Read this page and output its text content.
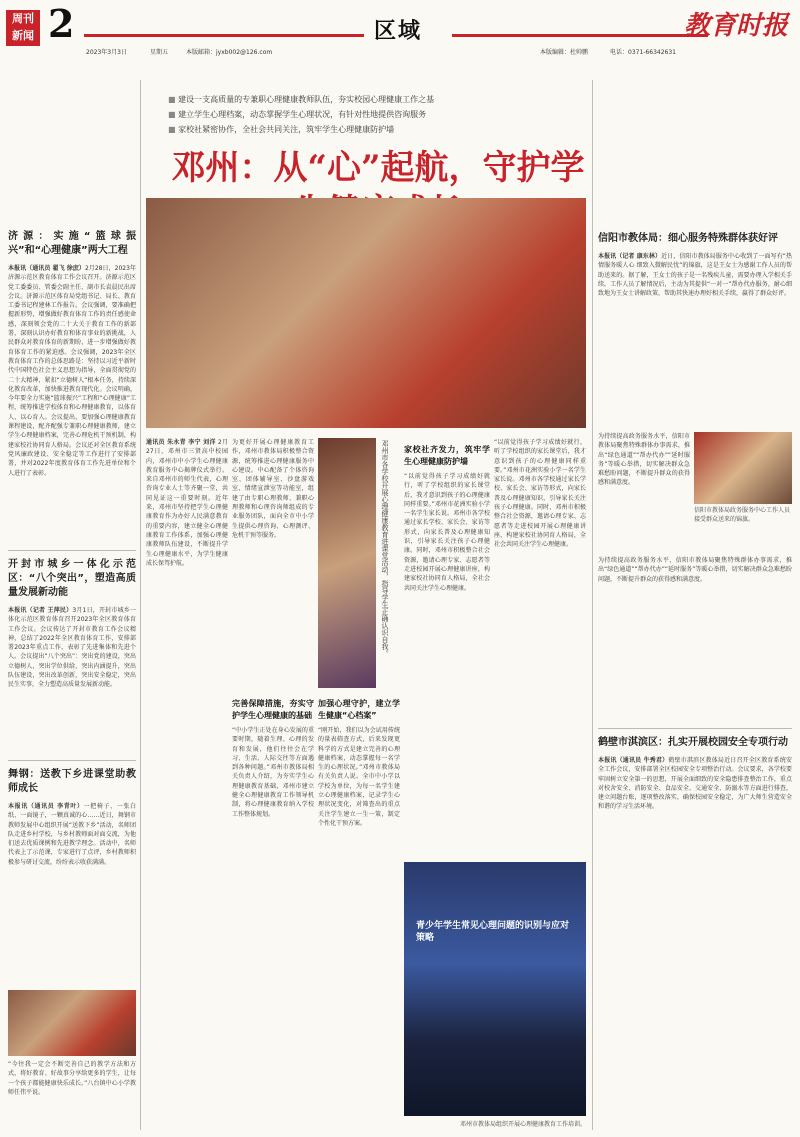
周刊 新闻 2	区域
2023年3月3日	星期五	本版邮箱：jyxb002@126.com	本版编辑：杜帅鹏	电话：0371-66342631
教育时报
济源：实施“篮球振兴”和“心理健康”两大工程
本报讯（通讯员 翟飞 徐庶）2月28日，2023年济源示范区教育体育工作会议召开。济源示范区党工委委员、管委会副主任、副市长袁晨民出席会议。济源示范区体育局党组书记、局长、教育工委书记程建林工作报告。会议强调，要准确把握新形势，增强做好教育体育工作的责任感使命感，深刻领会党的二十大关于教育工作的新部署，深刻认识办好教育和体育事业的新挑战，人民群众对教育体育的新期盼，进一步增强做好教育体育工作的紧迫感。会议强调，2023年全区教育体育工作的总体思路是：坚持以习近平新时代中国特色社会主义思想为指导，全面贯彻党的二十大精神，紧扣“立德树人”根本任务，持续深化教育改革，加快推进教育现代化。会议明确，今年要全力实施“篮球振兴”工程和“心理健康”工程，统筹推进学校体育和心理健康教育，以体育人、以心育人。会议提出，要加强心理健康教育课程建设，配齐配强专兼职心理健康教师，建立学生心理健康档案，完善心理危机干预机制，构建家校社协同育人格局。会议还对全区教育系统党风廉政建设、安全稳定等工作进行了安排部署，并对2022年度教育体育工作先进单位和个人进行了表彰。
开封市城乡一体化示范区：“八个突出”，塑造高质量发展新动能
本报讯（记者 王萍民）3月1日，开封市城乡一体化示范区教育体育召开2023年全区教育体育工作会议。会议传达了开封市教育工作会议精神，总结了2022年全区教育体育工作，安排部署2023年重点工作，表彰了先进集体和先进个人。会议提出“八个突出”：突出党的建设，突出立德树人，突出学位供给，突出内涵提升，突出队伍建设，突出改革创新，突出安全稳定，突出民生实事，全力塑造高质量发展新动能。
舞钢：送教下乡进课堂助教师成长
本报讯（通讯员 李青叶）一把椅子、一张白纸、一面镜子，一颗真诚的心……近日，舞钢市教师发展中心组织开展“送教下乡”活动，名师团队走进乡村学校，与乡村教师面对面交流，为他们送去优质课例和先进教学理念。活动中，名师代表上了示范课，专家进行了点评，乡村教师积极参与研讨交流，纷纷表示收获满满。
“今往我一定会不断完善自己的教学方法和方式，将好教育、好故事分享给更多的学生，让每一个孩子都能健康快乐成长。”八台镇中心小学教师任伟平说。
■ 建设一支高质量的专兼职心理健康教师队伍，夯实校园心理健康工作之基
■ 建立学生心理档案，动态掌握学生心理状况，有针对性地提供咨询服务
■ 家校社紧密协作，全社会共同关注，筑牢学生心理健康防护墙
邓州：从“心”起航，守护学
通讯员 朱永青 李宁 刘洋 2月27日，邓州市三贤高中校园内，邓州市中小学生心理健康教育服务中心揭牌仪式举行。来自邓州市的师生代表，心理咨询专业人士等齐聚一堂，共同见证这一重要时刻。近年来，邓州市坚持把学生心理健康教育作为办好人民满意教育的重要内容，建立健全心理健康教育工作体系，加强心理健康教师队伍建设，不断提升学生心理健康水平，为学生健康成长保驾护航。
为更好开展心理健康教育工作，邓州市教体局积极整合资源，统筹推进心理健康服务中心建设。中心配备了个体咨询室、团体辅导室、沙盘游戏室、情绪宣泄室等功能室，组建了由专职心理教师、兼职心理教师和心理咨询师组成的专业服务团队，面向全市中小学生提供心理咨询、心理测评、危机干预等服务。
完善保障措施，夯实守护学生心理健康的基础
“中小学生正处在身心发展的重要时期，随着生理、心理的发育和发展，他们往往会在学习、生活、人际交往等方面遇到各种问题。”邓州市教体局相关负责人介绍，为夯实学生心理健康教育基础，邓州市建立健全心理健康教育工作领导机制，将心理健康教育纳入学校工作整体规划。
邓州市各学校开展心理健康教育进课堂活动，指导学生正确认识自我。
加强心理守护，建立学生健康“心档案”
“刚开始，我们以为会试用传统的量表筛查方式，后来发现更科学的方式是建立完善的心理健康档案，动态掌握每一名学生的心理状况。”邓州市教体局有关负责人说。全市中小学以学校为单位，为每一名学生建立心理健康档案，记录学生心理状况变化，对筛查出的重点关注学生建立一生一策，制定个性化干预方案。
家校社齐发力，筑牢学生心理健康防护墙
“以前觉得孩子学习成绩好就行，听了学校组织的家长课堂后，我才意识到孩子的心理健康同样重要。”邓州市花洲实验小学一名学生家长说。邓州市各学校通过家长学校、家长会、家访等形式，向家长普及心理健康知识，引导家长关注孩子心理健康。同时，邓州市积极整合社会资源，邀请心理专家、志愿者等走进校园开展心理健康讲座，构建家校社协同育人格局，全社会共同关注学生心理健康。
“以前觉得孩子学习成绩好就行，听了学校组织的家长课堂后，我才意识到孩子的心理健康同样重要。”邓州市花洲实验小学一名学生家长说。邓州市各学校通过家长学校、家长会、家访等形式，向家长普及心理健康知识，引导家长关注孩子心理健康。同时，邓州市积极整合社会资源，邀请心理专家、志愿者等走进校园开展心理健康讲座，构建家校社协同育人格局，全社会共同关注学生心理健康。
青少年学生常见心理问题的识别与应对策略
邓州市教体局组织开展心理健康教育工作培训。
信阳市教体局：细心服务特殊群体获好评
本报讯（记者 康东林）近日，信阳市教体局服务中心收到了一面写有“热情服务暖人心 细致入微解民忧”的锦旗，这是王女士为感谢工作人员的帮助送来的。据了解，王女士的孩子是一名残疾儿童，需要办理入学相关手续。工作人员了解情况后，主动为其提供“一对一”帮办代办服务，耐心细致地为王女士讲解政策，帮助其快速办理好相关手续，赢得了群众好评。
信阳市教体局政务服务中心工作人员接受群众送来的锦旗。
为持续提高政务服务水平，信阳市教体局聚焦特殊群体办事需求，推出“绿色通道”“帮办代办”“延时服务”等暖心举措，切实解决群众急难愁盼问题，不断提升群众的获得感和满意度。
为持续提高政务服务水平，信阳市教体局聚焦特殊群体办事需求，推出“绿色通道”“帮办代办”“延时服务”等暖心举措，切实解决群众急难愁盼问题，不断提升群众的获得感和满意度。
鹤壁市淇滨区：扎实开展校园安全专项行动
本报讯（通讯员 牛秀君）鹤壁市淇滨区教体局近日召开全区教育系统安全工作会议，安排部署全区校园安全专项整治行动。会议要求，各学校要牢固树立安全第一的思想，开展全面细致的安全隐患排查整治工作，重点对校舍安全、消防安全、食品安全、交通安全、防溺水等方面进行排查，建立问题台账，逐项整改落实，确保校园安全稳定，为广大师生营造安全和谐的学习生活环境。
